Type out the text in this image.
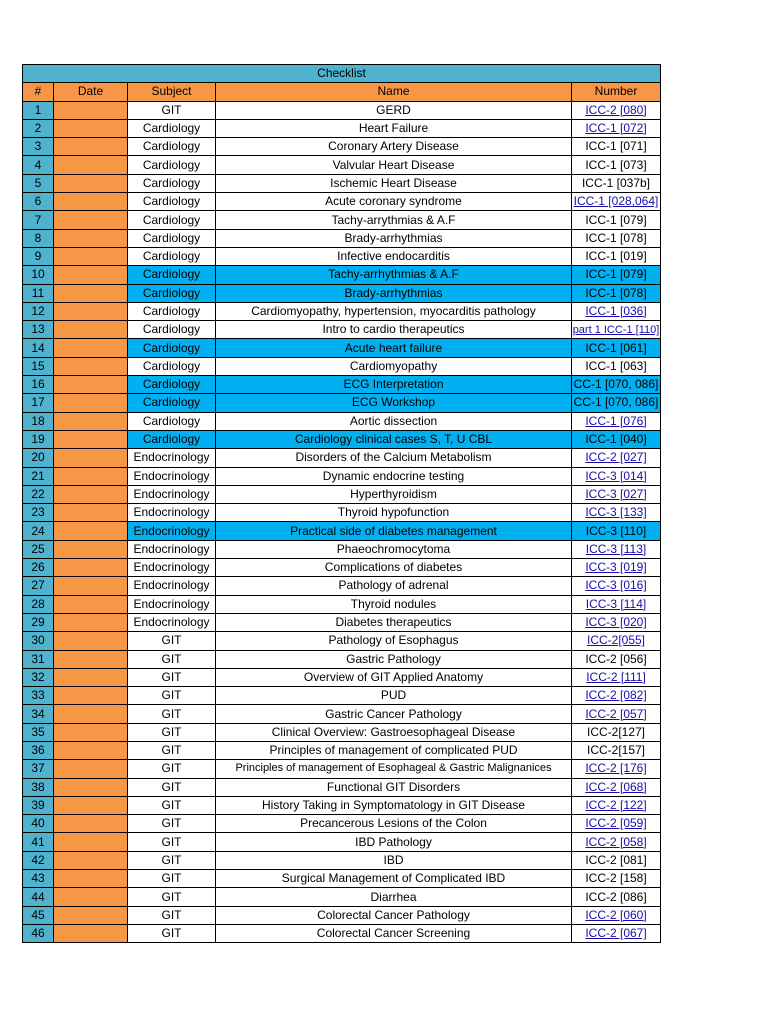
Checklist				
#	Date	Subject	Name	Number
1		GIT	GERD	ICC-2 [080]
2		Cardiology	Heart Failure	ICC-1 [072]
3		Cardiology	Coronary Artery Disease	ICC-1 [071]
4		Cardiology	Valvular Heart Disease	ICC-1 [073]
5		Cardiology	Ischemic Heart Disease	ICC-1 [037b]
6		Cardiology	Acute coronary syndrome	ICC-1 [028,064]
7		Cardiology	Tachy-arrythmias & A.F	ICC-1 [079]
8		Cardiology	Brady-arrhythmias	ICC-1 [078]
9		Cardiology	Infective endocarditis	ICC-1 [019]
10		Cardiology	Tachy-arrhythmias & A.F	ICC-1 [079]
11		Cardiology	Brady-arrhythmias	ICC-1 [078]
12		Cardiology	Cardiomyopathy, hypertension, myocarditis pathology	ICC-1 [036]
13		Cardiology	Intro to cardio therapeutics	part 1 ICC-1 [110]
14		Cardiology	Acute heart failure	ICC-1 [061]
15		Cardiology	Cardiomyopathy	ICC-1 [063]
16		Cardiology	ECG Interpretation	CC-1 [070, 086]
17		Cardiology	ECG Workshop	CC-1 [070, 086]
18		Cardiology	Aortic dissection	ICC-1 [076]
19		Cardiology	Cardiology clinical cases S, T, U CBL	ICC-1 [040]
20		Endocrinology	Disorders of the Calcium Metabolism	ICC-2 [027]
21		Endocrinology	Dynamic endocrine testing	ICC-3 [014]
22		Endocrinology	Hyperthyroidism	ICC-3 [027]
23		Endocrinology	Thyroid hypofunction	ICC-3 [133]
24		Endocrinology	Practical side of diabetes management	ICC-3 [110]
25		Endocrinology	Phaeochromocytoma	ICC-3 [113]
26		Endocrinology	Complications of diabetes	ICC-3 [019]
27		Endocrinology	Pathology of adrenal	ICC-3 [016]
28		Endocrinology	Thyroid nodules	ICC-3 [114]
29		Endocrinology	Diabetes therapeutics	ICC-3 [020]
30		GIT	Pathology of Esophagus	ICC-2[055]
31		GIT	Gastric Pathology	ICC-2 [056]
32		GIT	Overview of GIT Applied Anatomy	ICC-2 [111]
33		GIT	PUD	ICC-2 [082]
34		GIT	Gastric Cancer Pathology	ICC-2 [057]
35		GIT	Clinical Overview: Gastroesophageal Disease	ICC-2[127]
36		GIT	Principles of management of complicated PUD	ICC-2[157]
37		GIT	Principles of management of Esophageal & Gastric Malignanices	ICC-2 [176]
38		GIT	Functional GIT Disorders	ICC-2 [068]
39		GIT	History Taking in Symptomatology in GIT Disease	ICC-2 [122]
40		GIT	Precancerous Lesions of the Colon	ICC-2 [059]
41		GIT	IBD Pathology	ICC-2 [058]
42		GIT	IBD	ICC-2 [081]
43		GIT	Surgical Management of Complicated IBD	ICC-2 [158]
44		GIT	Diarrhea	ICC-2 [086]
45		GIT	Colorectal Cancer Pathology	ICC-2 [060]
46		GIT	Colorectal Cancer Screening	ICC-2 [067]
